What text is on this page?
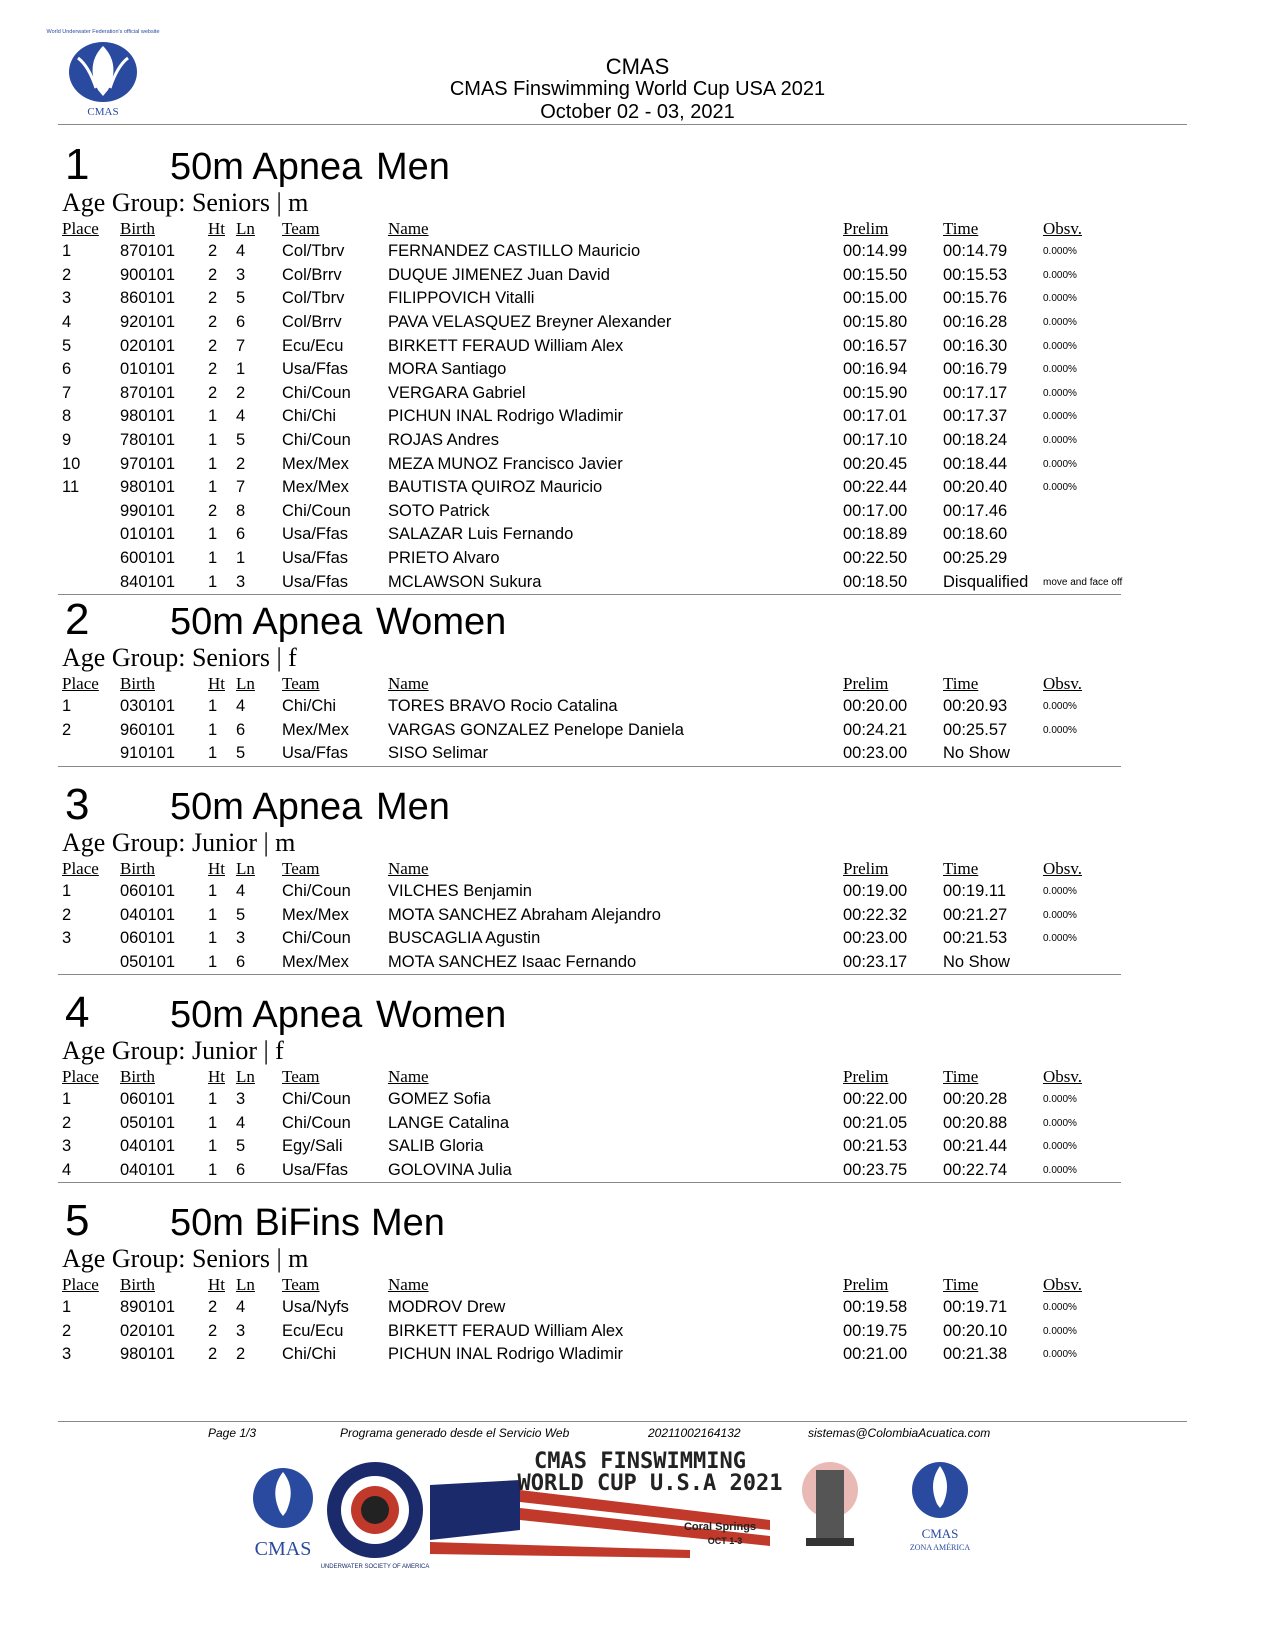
World Underwater Federation's official website
CMAS
CMAS
CMAS Finswimming World Cup USA 2021
October 02 - 03, 2021
1 50m Apnea Men
Age Group: Seniors | m
Place	Birth	Ht	Ln	Team	Name	Prelim	Time	Obsv.
1	870101	2	4	Col/Tbrv	FERNANDEZ CASTILLO Mauricio	00:14.99	00:14.79	0.000%
2	900101	2	3	Col/Brrv	DUQUE JIMENEZ Juan David	00:15.50	00:15.53	0.000%
3	860101	2	5	Col/Tbrv	FILIPPOVICH Vitalli	00:15.00	00:15.76	0.000%
4	920101	2	6	Col/Brrv	PAVA VELASQUEZ Breyner Alexander	00:15.80	00:16.28	0.000%
5	020101	2	7	Ecu/Ecu	BIRKETT FERAUD William Alex	00:16.57	00:16.30	0.000%
6	010101	2	1	Usa/Ffas	MORA Santiago	00:16.94	00:16.79	0.000%
7	870101	2	2	Chi/Coun	VERGARA Gabriel	00:15.90	00:17.17	0.000%
8	980101	1	4	Chi/Chi	PICHUN INAL Rodrigo Wladimir	00:17.01	00:17.37	0.000%
9	780101	1	5	Chi/Coun	ROJAS Andres	00:17.10	00:18.24	0.000%
10	970101	1	2	Mex/Mex	MEZA MUNOZ Francisco Javier	00:20.45	00:18.44	0.000%
11	980101	1	7	Mex/Mex	BAUTISTA QUIROZ Mauricio	00:22.44	00:20.40	0.000%
	990101	2	8	Chi/Coun	SOTO Patrick	00:17.00	00:17.46	
	010101	1	6	Usa/Ffas	SALAZAR Luis Fernando	00:18.89	00:18.60	
	600101	1	1	Usa/Ffas	PRIETO Alvaro	00:22.50	00:25.29	
	840101	1	3	Usa/Ffas	MCLAWSON Sukura	00:18.50	Disqualified	move and face off
2 50m Apnea Women
Age Group: Seniors | f
Place	Birth	Ht	Ln	Team	Name	Prelim	Time	Obsv.
1	030101	1	4	Chi/Chi	TORES BRAVO Rocio Catalina	00:20.00	00:20.93	0.000%
2	960101	1	6	Mex/Mex	VARGAS GONZALEZ Penelope Daniela	00:24.21	00:25.57	0.000%
	910101	1	5	Usa/Ffas	SISO Selimar	00:23.00	No Show	
3 50m Apnea Men
Age Group: Junior | m
Place	Birth	Ht	Ln	Team	Name	Prelim	Time	Obsv.
1	060101	1	4	Chi/Coun	VILCHES Benjamin	00:19.00	00:19.11	0.000%
2	040101	1	5	Mex/Mex	MOTA SANCHEZ Abraham Alejandro	00:22.32	00:21.27	0.000%
3	060101	1	3	Chi/Coun	BUSCAGLIA Agustin	00:23.00	00:21.53	0.000%
	050101	1	6	Mex/Mex	MOTA SANCHEZ Isaac Fernando	00:23.17	No Show	
4 50m Apnea Women
Age Group: Junior | f
Place	Birth	Ht	Ln	Team	Name	Prelim	Time	Obsv.
1	060101	1	3	Chi/Coun	GOMEZ Sofia	00:22.00	00:20.28	0.000%
2	050101	1	4	Chi/Coun	LANGE Catalina	00:21.05	00:20.88	0.000%
3	040101	1	5	Egy/Sali	SALIB Gloria	00:21.53	00:21.44	0.000%
4	040101	1	6	Usa/Ffas	GOLOVINA Julia	00:23.75	00:22.74	0.000%
5 50m BiFins Men
Age Group: Seniors | m
Place	Birth	Ht	Ln	Team	Name	Prelim	Time	Obsv.
1	890101	2	4	Usa/Nyfs	MODROV Drew	00:19.58	00:19.71	0.000%
2	020101	2	3	Ecu/Ecu	BIRKETT FERAUD William Alex	00:19.75	00:20.10	0.000%
3	980101	2	2	Chi/Chi	PICHUN INAL Rodrigo Wladimir	00:21.00	00:21.38	0.000%
Page 1/3	Programa generado desde el Servicio Web	20211002164132	sistemas@ColombiaAcuatica.com
CMAS
UNDERWATER SOCIETY OF AMERICA
CMAS FINSWIMMING
WORLD CUP U.S.A 2021
Coral Springs
OCT 1-3	CMAS
ZONA AMÉRICA
